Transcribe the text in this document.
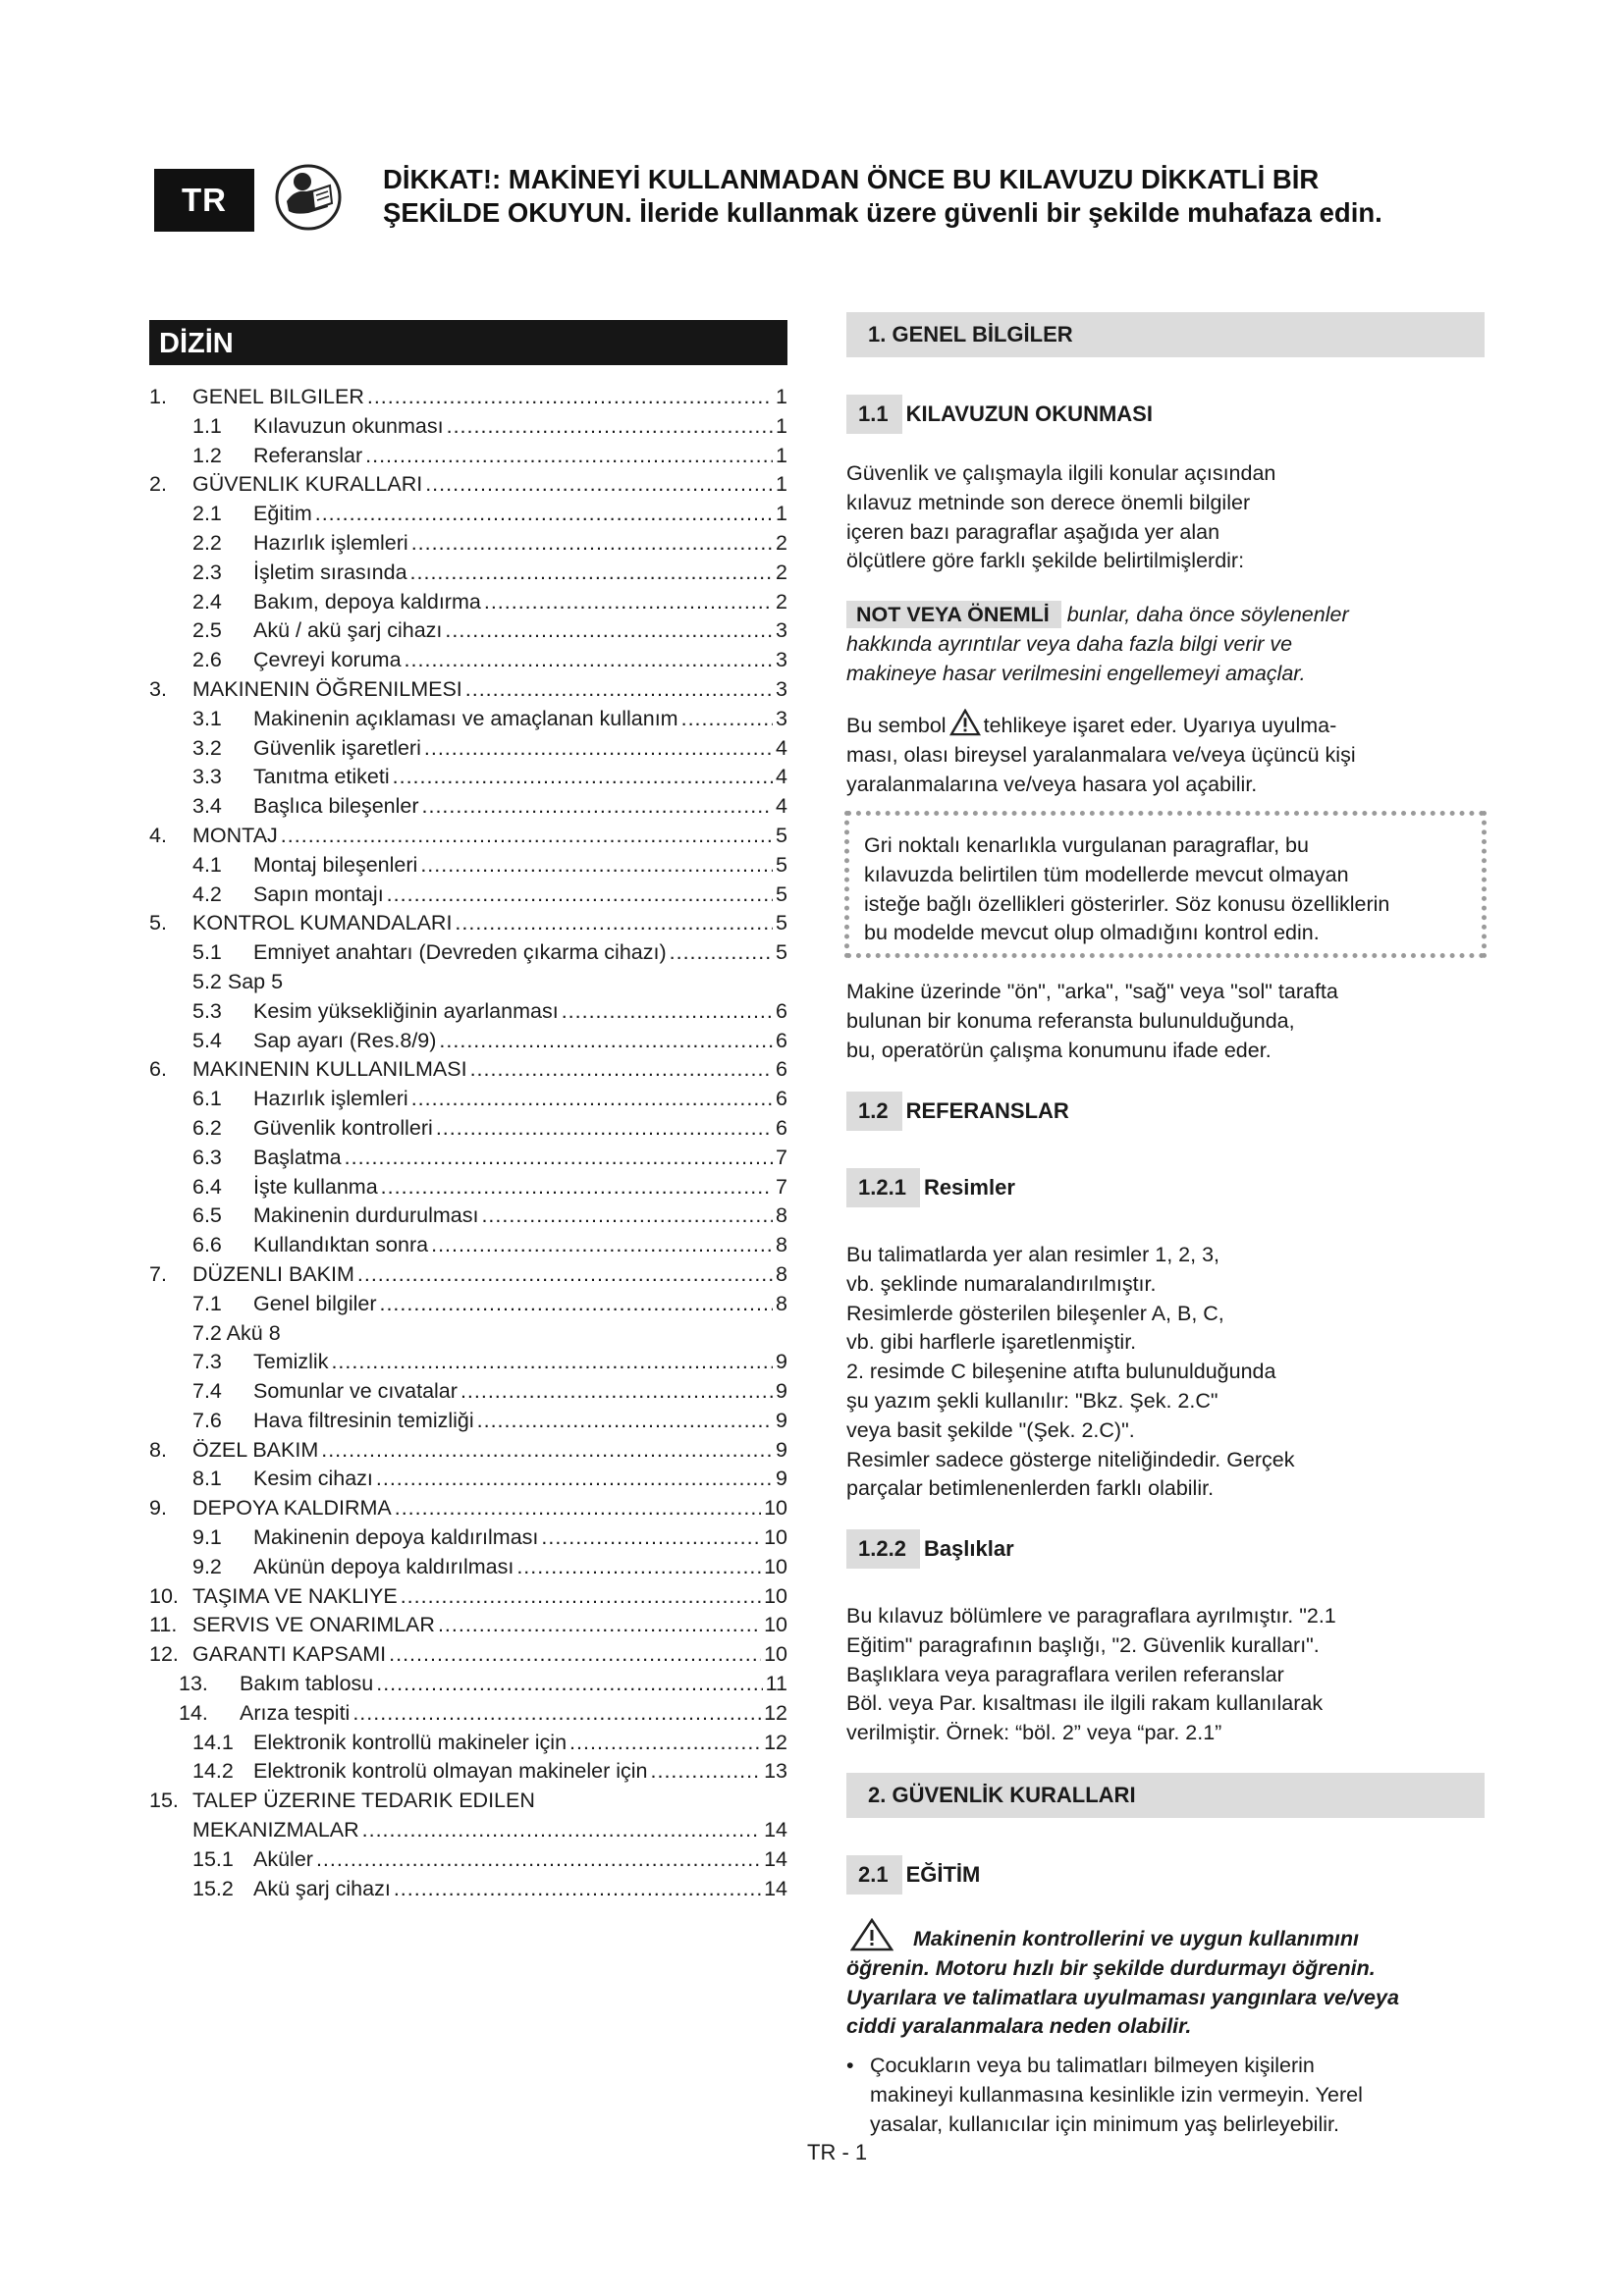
TR
DİKKAT!: MAKİNEYİ KULLANMADAN ÖNCE BU KILAVUZU DİKKATLİ BİR
ŞEKİLDE OKUYUN. İleride kullanmak üzere güvenli bir şekilde muhafaza edin.
DİZİN
1.	GENEL BILGILER .....	1
1.1	Kılavuzun okunması .....	1
1.2	Referanslar .....	1
2.	GÜVENLIK KURALLARI .....	1
2.1	Eğitim .....	1
2.2	Hazırlık işlemleri .....	2
2.3	İşletim sırasında .....	2
2.4	Bakım, depoya kaldırma .....	2
2.5	Akü / akü şarj cihazı .....	3
2.6	Çevreyi koruma .....	3
3.	MAKINENIN ÖĞRENILMESI .....	3
3.1	Makinenin açıklaması ve amaçlanan kullanım .....	3
3.2	Güvenlik işaretleri .....	4
3.3	Tanıtma etiketi .....	4
3.4	Başlıca bileşenler .....	4
4.	MONTAJ .....	5
4.1	Montaj bileşenleri .....	5
4.2	Sapın montajı .....	5
5.	KONTROL KUMANDALARI .....	5
5.1	Emniyet anahtarı (Devreden çıkarma cihazı) .....	5
5.2 Sap 5
5.3	Kesim yüksekliğinin ayarlanması .....	6
5.4	Sap ayarı (Res.8/9) .....	6
6.	MAKINENIN KULLANILMASI .....	6
6.1	Hazırlık işlemleri .....	6
6.2	Güvenlik kontrolleri .....	6
6.3	Başlatma .....	7
6.4	İşte kullanma .....	7
6.5	Makinenin durdurulması .....	8
6.6	Kullandıktan sonra .....	8
7.	DÜZENLI BAKIM .....	8
7.1	Genel bilgiler .....	8
7.2 Akü 8
7.3	Temizlik .....	9
7.4	Somunlar ve cıvatalar .....	9
7.6	Hava filtresinin temizliği .....	9
8.	ÖZEL BAKIM .....	9
8.1	Kesim cihazı .....	9
9.	DEPOYA KALDIRMA .....	10
9.1	Makinenin depoya kaldırılması .....	10
9.2	Akünün depoya kaldırılması .....	10
10. TAŞIMA VE NAKLIYE .....	10
11. SERVIS VE ONARIMLAR .....	10
12. GARANTI KAPSAMI .....	10
13.	Bakım tablosu .....	11
14.	Arıza tespiti .....	12
14.1 Elektronik kontrollü makineler için .....	12
14.2 Elektronik kontrolü olmayan makineler için .....	13
15. TALEP ÜZERINE TEDARIK EDILEN
MEKANIZMALAR .....	14
15.1 Aküler .....	14
15.2 Akü şarj cihazı .....	14
1. GENEL BİLGİLER
1.1 KILAVUZUN OKUNMASI

Güvenlik ve çalışmayla ilgili konular açısından

kılavuz metninde son derece önemli bilgiler

içeren bazı paragraflar aşağıda yer alan

ölçütlere göre farklı şekilde belirtilmişlerdir:

NOT VEYA ÖNEMLİ bunlar, daha önce söylenenler

hakkında ayrıntılar veya daha fazla bilgi verir ve

makineye hasar verilmesini engellemeyi amaçlar.

Bu sembol tehlikeye işaret eder. Uyarıya uyulma-

ması, olası bireysel yaralanmalara ve/veya üçüncü kişi

yaralanmalarına ve/veya hasara yol açabilir.

Gri noktalı kenarlıkla vurgulanan paragraflar, bu

kılavuzda belirtilen tüm modellerde mevcut olmayan

isteğe bağlı özellikleri gösterirler. Söz konusu özelliklerin

bu modelde mevcut olup olmadığını kontrol edin.

Makine üzerinde "ön", "arka", "sağ" veya "sol" tarafta

bulunan bir konuma referansta bulunulduğunda,

bu, operatörün çalışma konumunu ifade eder.

1.2 REFERANSLAR
1.2.1 Resimler

Bu talimatlarda yer alan resimler 1, 2, 3,

vb. şeklinde numaralandırılmıştır.

Resimlerde gösterilen bileşenler A, B, C,

vb. gibi harflerle işaretlenmiştir.

2. resimde C bileşenine atıfta bulunulduğunda

şu yazım şekli kullanılır: "Bkz. Şek. 2.C"

veya basit şekilde "(Şek. 2.C)".

Resimler sadece gösterge niteliğindedir. Gerçek

parçalar betimlenenlerden farklı olabilir.

1.2.2 Başlıklar

Bu kılavuz bölümlere ve paragraflara ayrılmıştır. "2.1

Eğitim" paragrafının başlığı, "2. Güvenlik kuralları".

Başlıklara veya paragraflara verilen referanslar

Böl. veya Par. kısaltması ile ilgili rakam kullanılarak

verilmiştir. Örnek: “böl. 2” veya “par. 2.1”

2. GÜVENLİK KURALLARI
2.1 EĞİTİM

Makinenin kontrollerini ve uygun kullanımını

öğrenin. Motoru hızlı bir şekilde durdurmayı öğrenin.

Uyarılara ve talimatlara uyulmaması yangınlara ve/veya

ciddi yaralanmalara neden olabilir.

• Çocukların veya bu talimatları bilmeyen kişilerin

makineyi kullanmasına kesinlikle izin vermeyin. Yerel

yasalar, kullanıcılar için minimum yaş belirleyebilir.

TR - 1
